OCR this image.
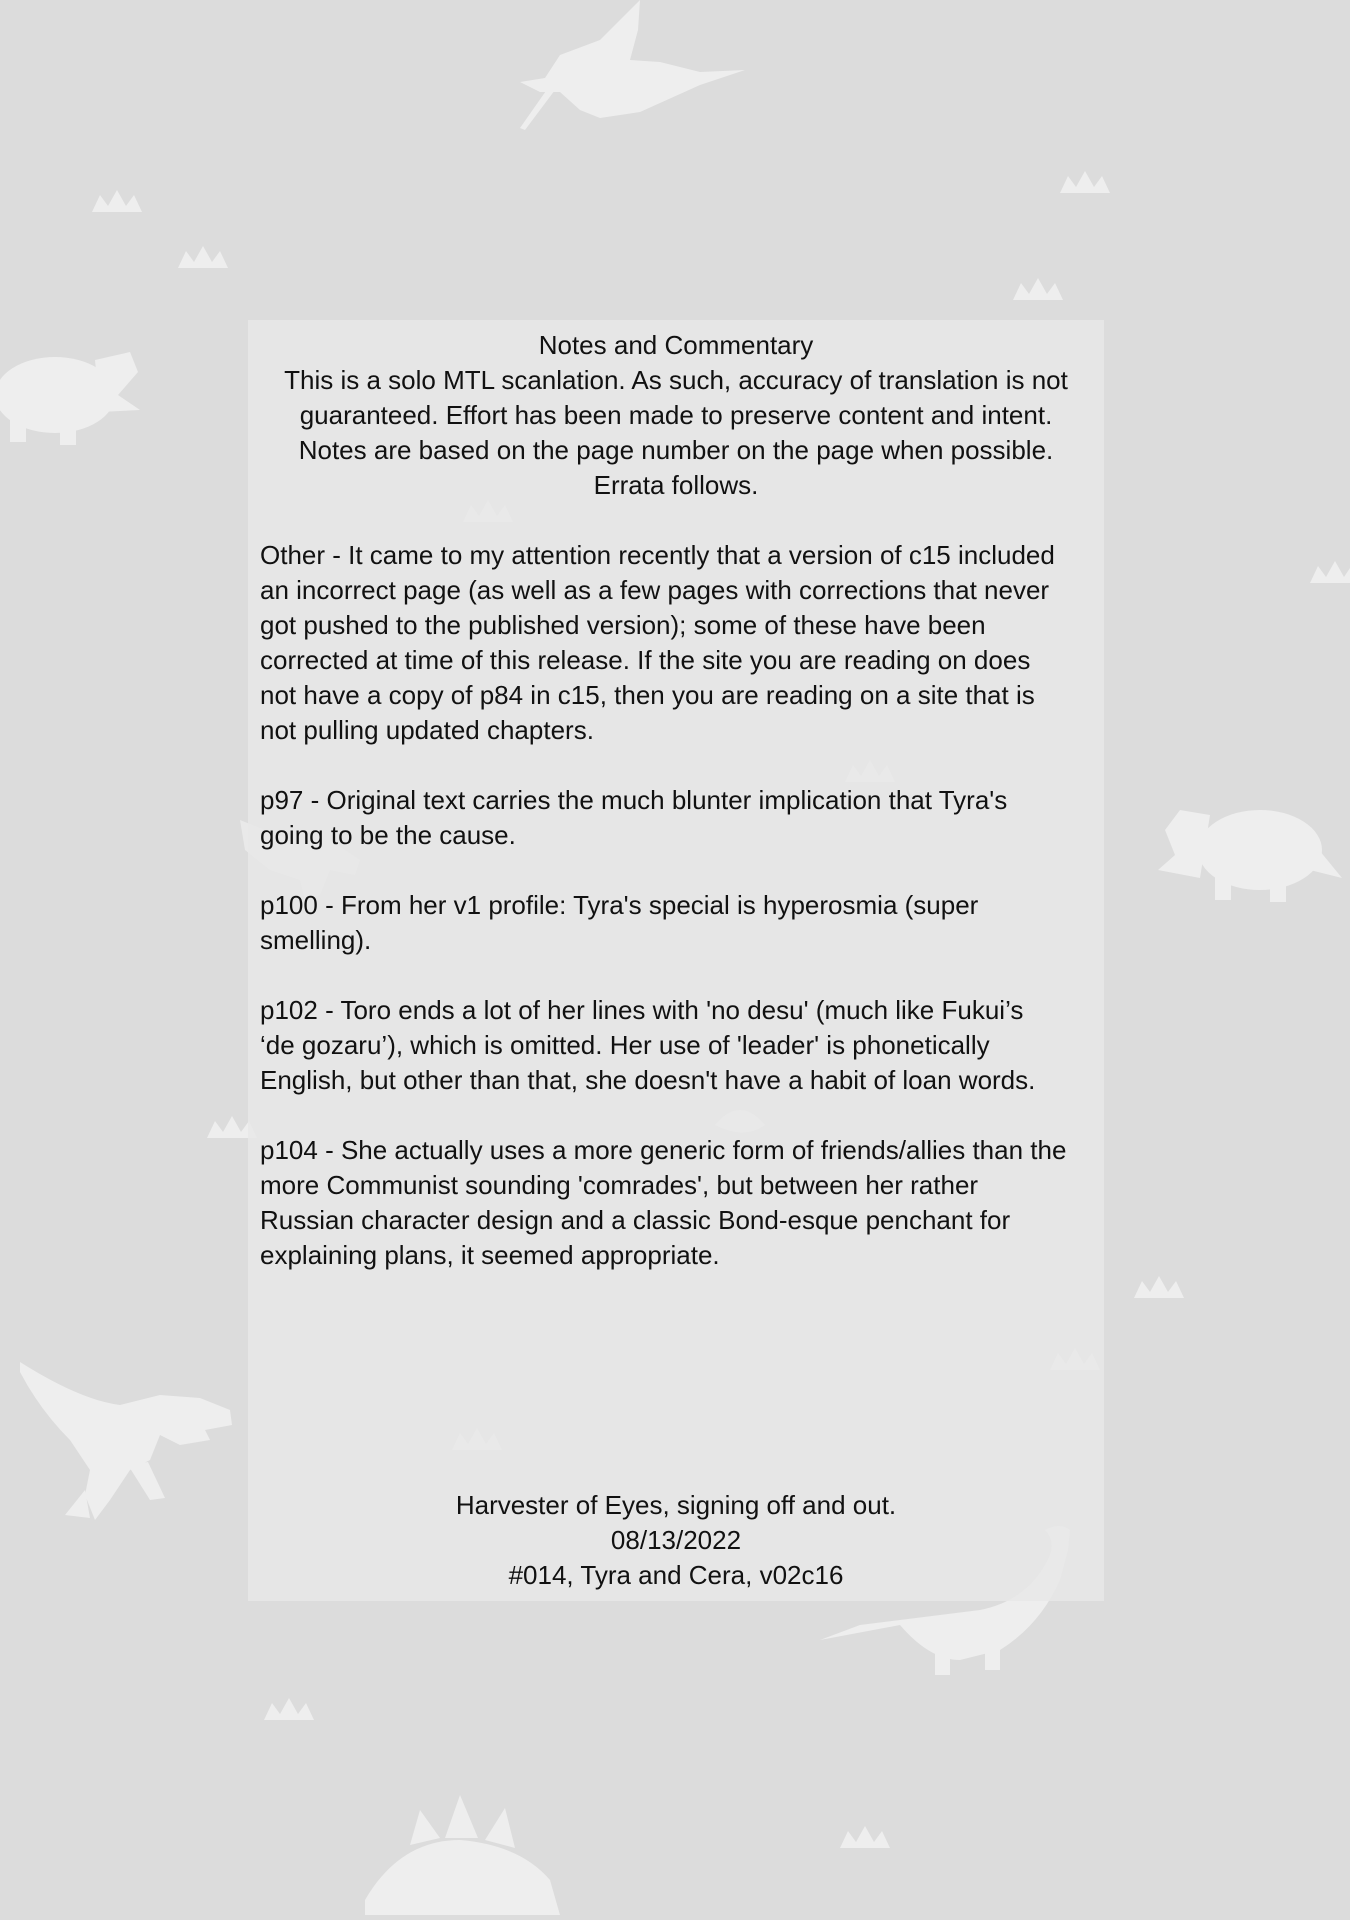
Notes and Commentary
This is a solo MTL scanlation. As such, accuracy of translation is not
guaranteed. Effort has been made to preserve content and intent.
Notes are based on the page number on the page when possible.
Errata follows.
Other - It came to my attention recently that a version of c15 included
an incorrect page (as well as a few pages with corrections that never
got pushed to the published version); some of these have been
corrected at time of this release. If the site you are reading on does
not have a copy of p84 in c15, then you are reading on a site that is
not pulling updated chapters.
p97 - Original text carries the much blunter implication that Tyra's
going to be the cause.
p100 - From her v1 profile: Tyra's special is hyperosmia (super
smelling).
p102 - Toro ends a lot of her lines with 'no desu' (much like Fukui’s
‘de gozaru’), which is omitted. Her use of 'leader' is phonetically
English, but other than that, she doesn't have a habit of loan words.
p104 - She actually uses a more generic form of friends/allies than the
more Communist sounding 'comrades', but between her rather
Russian character design and a classic Bond-esque penchant for
explaining plans, it seemed appropriate.
Harvester of Eyes, signing off and out.
08/13/2022
#014, Tyra and Cera, v02c16
